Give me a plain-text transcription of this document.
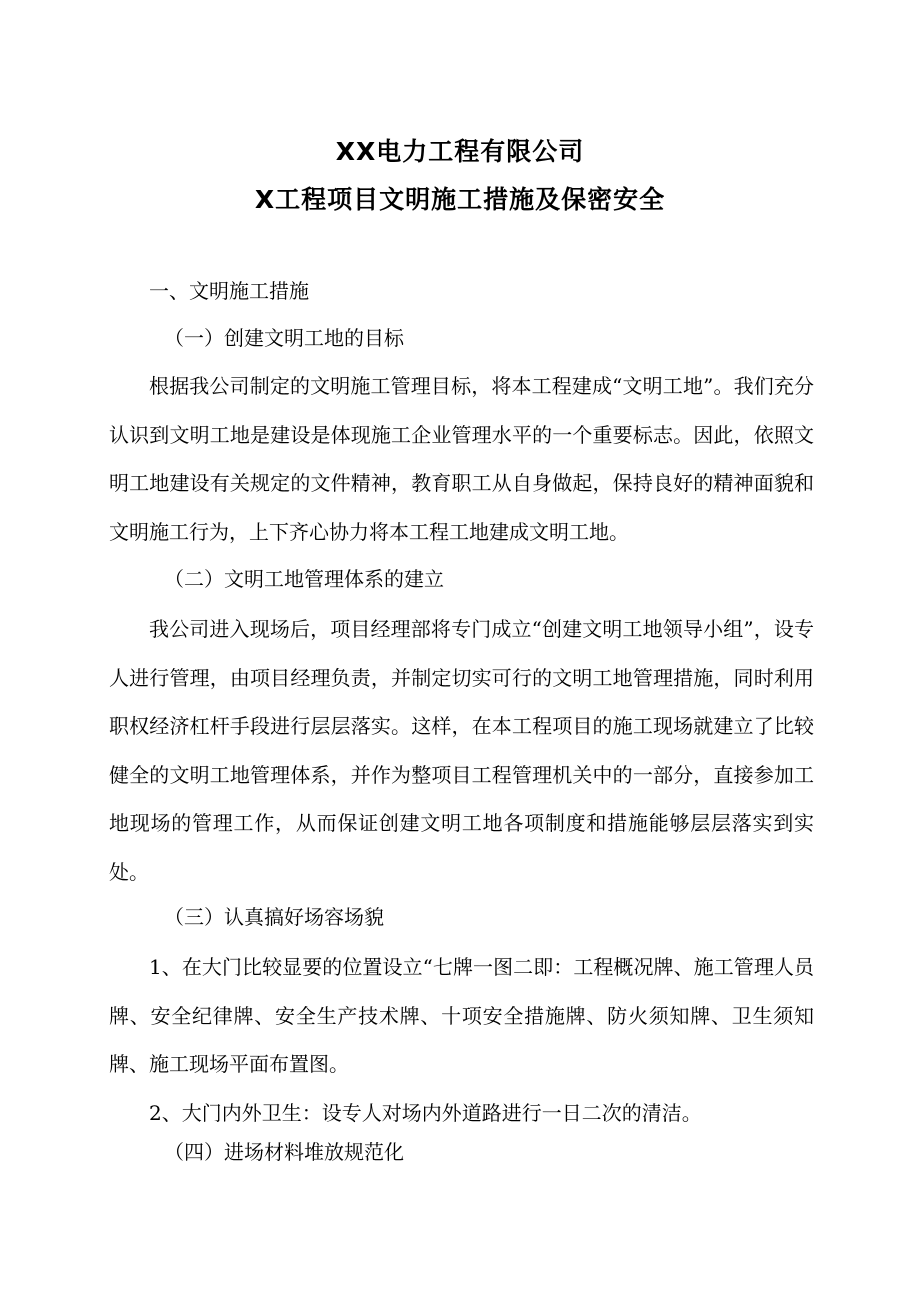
XX电力工程有限公司
X工程项目文明施工措施及保密安全

一、文明施工措施

（一）创建文明工地的目标

根据我公司制定的文明施工管理目标，将本工程建成“文明工地”。我们充分认识到文明工地是建设是体现施工企业管理水平的一个重要标志。因此，依照文明工地建设有关规定的文件精神，教育职工从自身做起，保持良好的精神面貌和文明施工行为，上下齐心协力将本工程工地建成文明工地。

（二）文明工地管理体系的建立

我公司进入现场后，项目经理部将专门成立“创建文明工地领导小组”，设专人进行管理，由项目经理负责，并制定切实可行的文明工地管理措施，同时利用职权经济杠杆手段进行层层落实。这样，在本工程项目的施工现场就建立了比较健全的文明工地管理体系，并作为整项目工程管理机关中的一部分，直接参加工地现场的管理工作，从而保证创建文明工地各项制度和措施能够层层落实到实处。

（三）认真搞好场容场貌

1、在大门比较显要的位置设立“七牌一图二即：工程概况牌、施工管理人员牌、安全纪律牌、安全生产技术牌、十项安全措施牌、防火须知牌、卫生须知牌、施工现场平面布置图。

2、大门内外卫生：设专人对场内外道路进行一日二次的清洁。

（四）进场材料堆放规范化
